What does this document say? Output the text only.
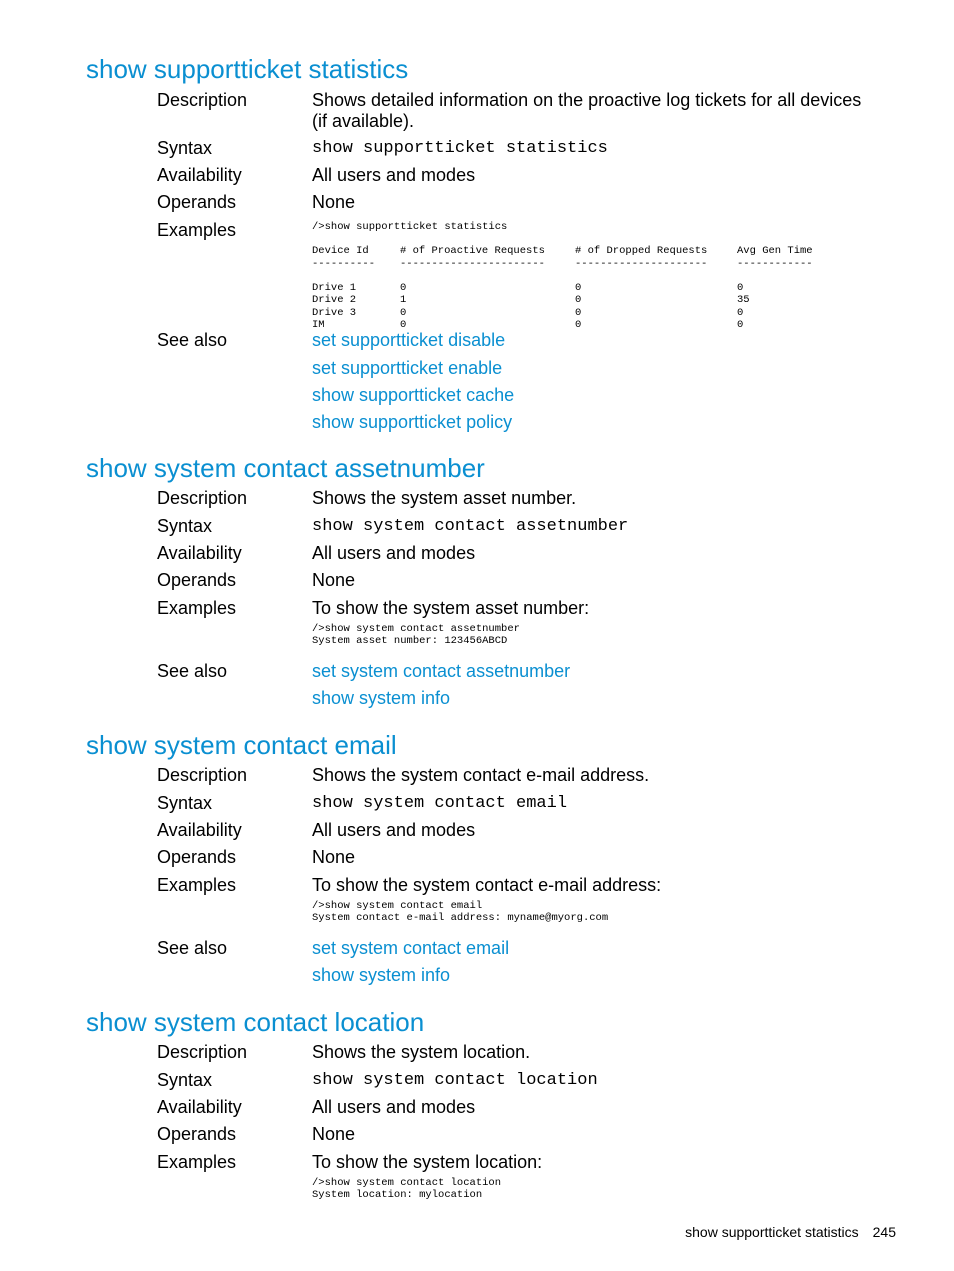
show supportticket statistics
Description	Shows detailed information on the proactive log tickets for all devices (if available).
Syntax	show supportticket statistics
Availability	All users and modes
Operands	None
Examples	/>show supportticket statistics
Device Id	# of Proactive Requests	# of Dropped Requests	Avg Gen Time
----------	-----------------------	---------------------	------------

Drive 1	0	0	0
Drive 2	1	0	35
Drive 3	0	0	0
IM	0	0	0
See also	set supportticket disable
set supportticket enable
show supportticket cache
show supportticket policy
show system contact assetnumber
Description	Shows the system asset number.
Syntax	show system contact assetnumber
Availability	All users and modes
Operands	None
Examples	To show the system asset number:
/>show system contact assetnumber
System asset number: 123456ABCD
See also	set system contact assetnumber
show system info
show system contact email
Description	Shows the system contact e-mail address.
Syntax	show system contact email
Availability	All users and modes
Operands	None
Examples	To show the system contact e-mail address:
/>show system contact email
System contact e-mail address: myname@myorg.com
See also	set system contact email
show system info
show system contact location
Description	Shows the system location.
Syntax	show system contact location
Availability	All users and modes
Operands	None
Examples	To show the system location:
/>show system contact location
System location: mylocation
show supportticket statistics 245
